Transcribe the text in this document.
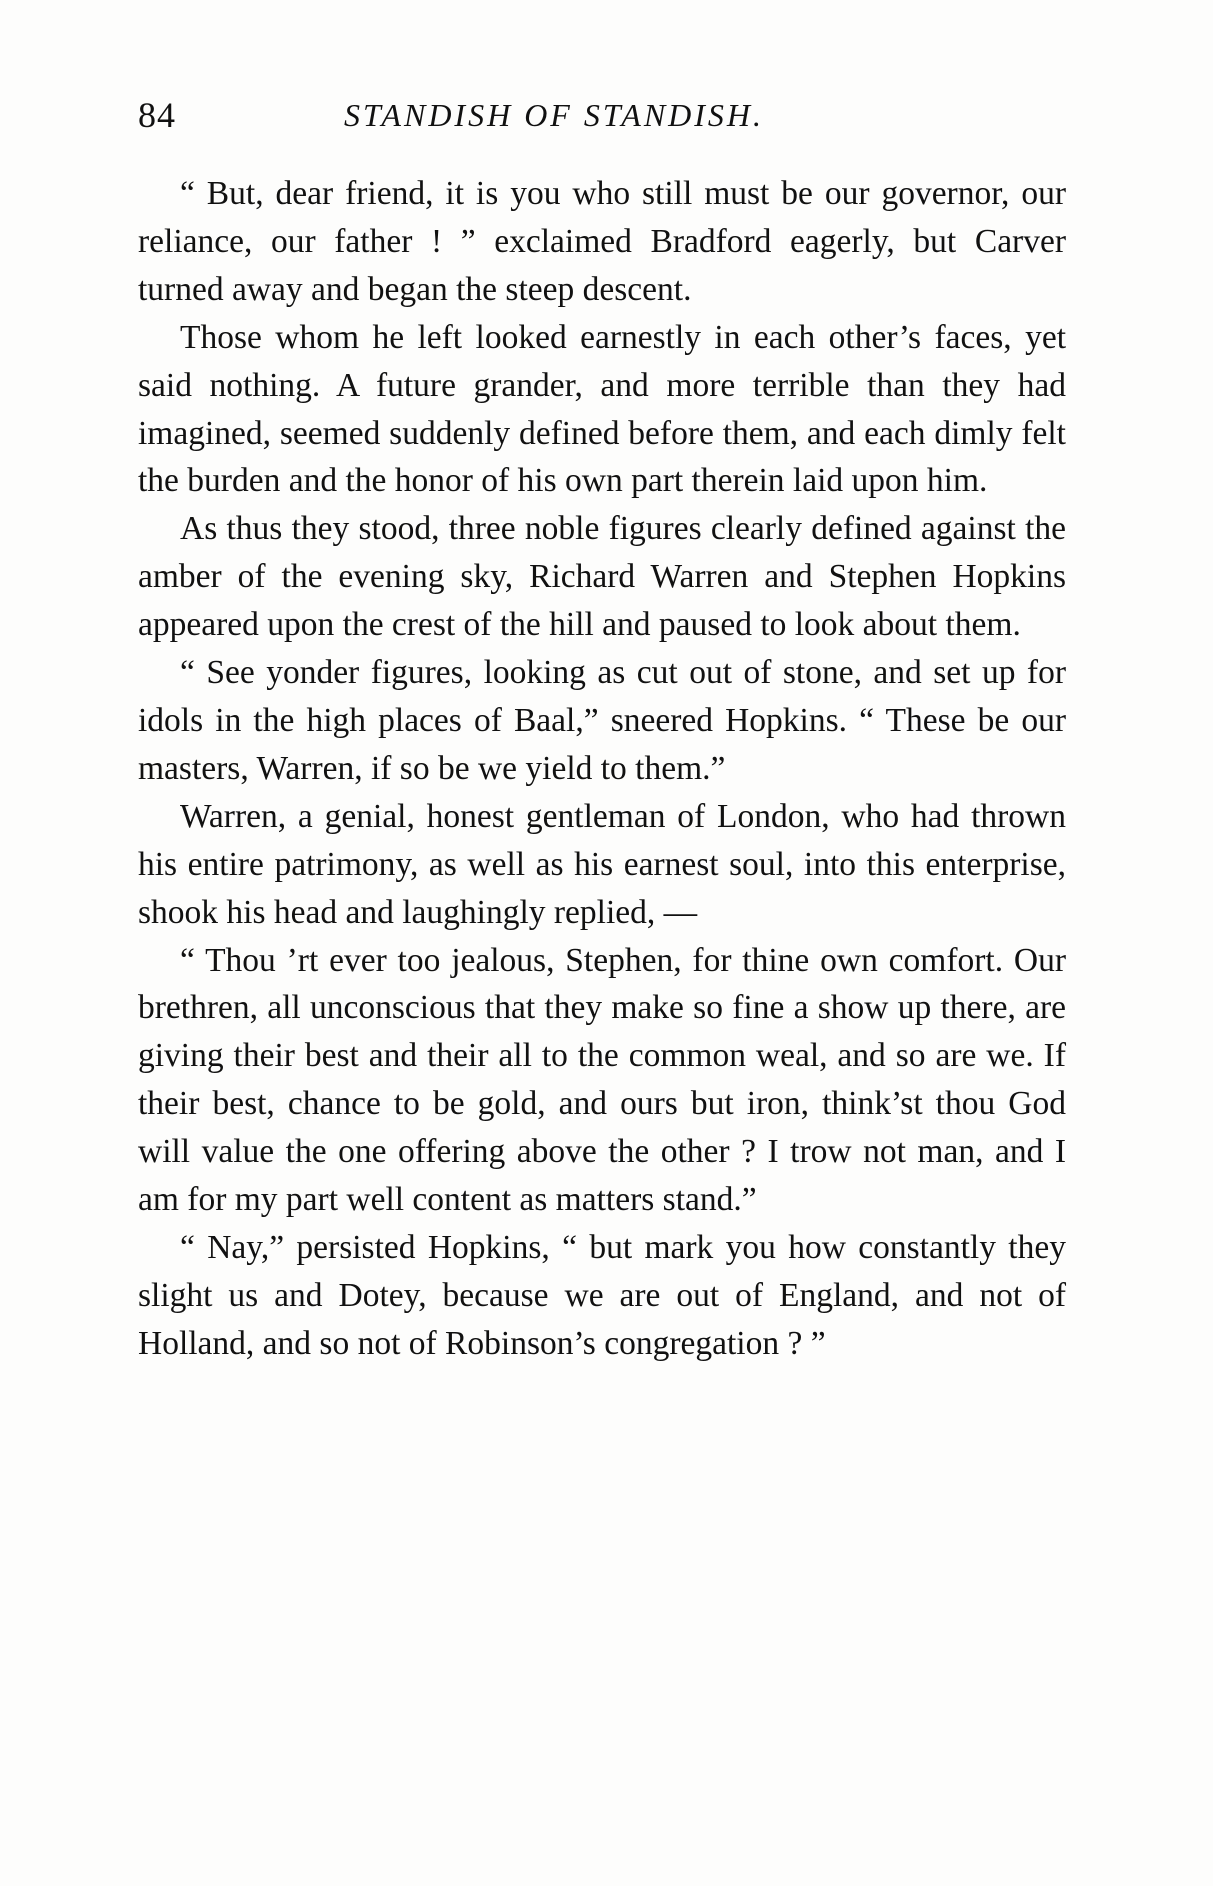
84	STANDISH OF STANDISH.

“ But, dear friend, it is you who still must be our governor, our reliance, our father ! ” exclaimed Bradford eagerly, but Carver turned away and began the steep descent.

Those whom he left looked earnestly in each other’s faces, yet said nothing. A future grander, and more terrible than they had imagined, seemed suddenly defined before them, and each dimly felt the burden and the honor of his own part therein laid upon him.

As thus they stood, three noble figures clearly defined against the amber of the evening sky, Richard Warren and Stephen Hopkins appeared upon the crest of the hill and paused to look about them.

“ See yonder figures, looking as cut out of stone, and set up for idols in the high places of Baal,” sneered Hopkins. “ These be our masters, Warren, if so be we yield to them.”

Warren, a genial, honest gentleman of London, who had thrown his entire patrimony, as well as his earnest soul, into this enterprise, shook his head and laughingly replied, —

“ Thou ’rt ever too jealous, Stephen, for thine own comfort. Our brethren, all unconscious that they make so fine a show up there, are giving their best and their all to the common weal, and so are we. If their best, chance to be gold, and ours but iron, think’st thou God will value the one offering above the other ? I trow not man, and I am for my part well content as matters stand.”

“ Nay,” persisted Hopkins, “ but mark you how constantly they slight us and Dotey, because we are out of England, and not of Holland, and so not of Robinson’s congregation ? ”
